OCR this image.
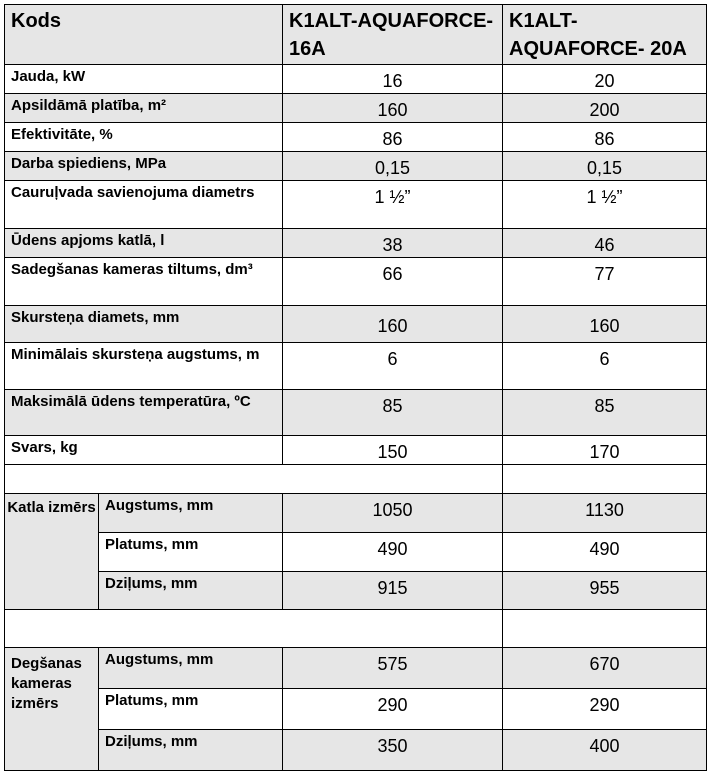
Kods		K1ALT-AQUAFORCE- 16A	K1ALT-AQUAFORCE- 20A
Jauda, kW		16	20
Apsildāmā platība, m²		160	200
Efektivitāte, %		86	86
Darba spiediens, MPa		0,15	0,15
Cauruļvada savienojuma diametrs		1 ½”	1 ½”
Ūdens apjoms katlā, l		38	46
Sadegšanas kameras tiltums, dm³		66	77
Skursteņa diamets, mm		160	160
Minimālais skursteņa augstums, m		6	6
Maksimālā ūdens temperatūra, ºC		85	85
Svars, kg		150	170

Katla izmērs	Augstums, mm	1050	1130
	Platums, mm	490	490
	Dziļums, mm	915	955

Degšanas kameras izmērs	Augstums, mm	575	670
	Platums, mm	290	290
	Dziļums, mm	350	400
